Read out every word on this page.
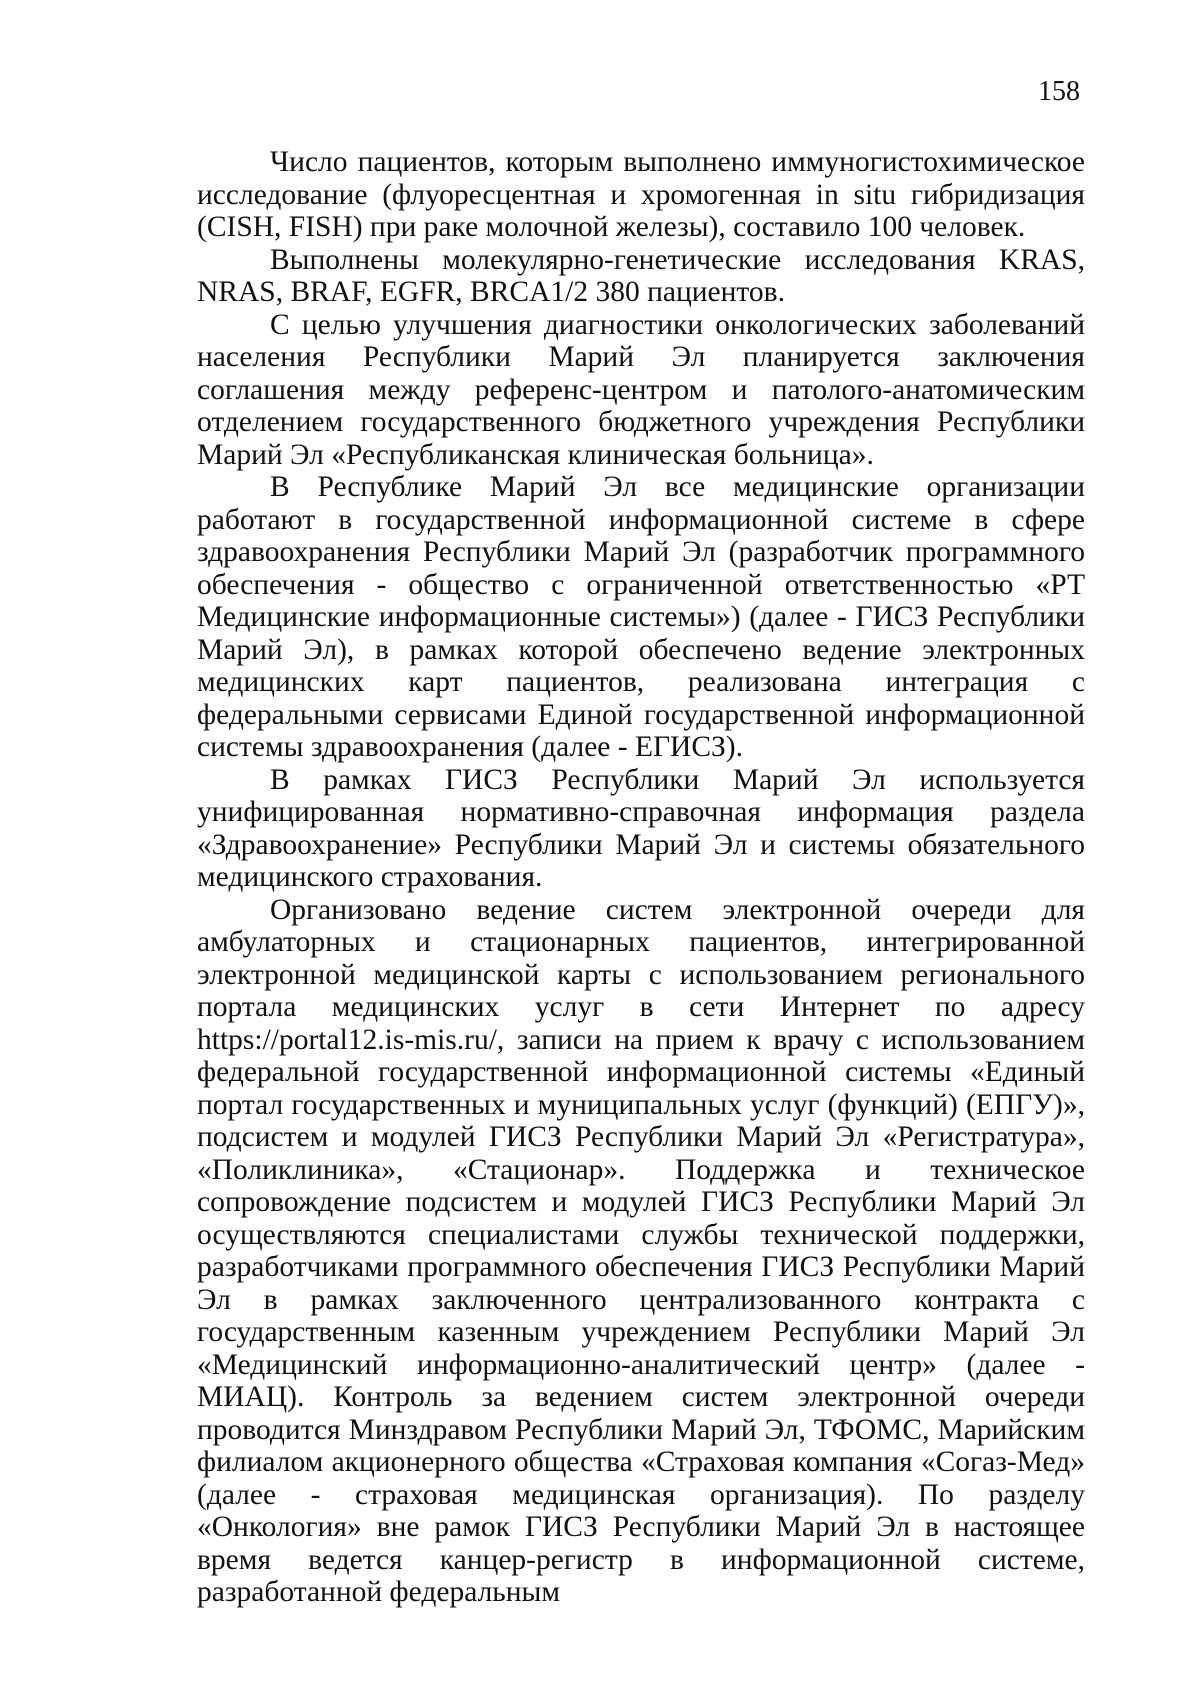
158

Число пациентов, которым выполнено иммуногистохимическое исследование (флуоресцентная и хромогенная in situ гибридизация (CISH, FISH) при раке молочной железы), составило 100 человек.

Выполнены молекулярно-генетические исследования KRAS, NRAS, BRAF, EGFR, BRCA1/2 380 пациентов.

С целью улучшения диагностики онкологических заболеваний населения Республики Марий Эл планируется заключения соглашения между референс-центром и патолого-анатомическим отделением государственного бюджетного учреждения Республики Марий Эл «Республиканская клиническая больница».

В Республике Марий Эл все медицинские организации работают в государственной информационной системе в сфере здравоохранения Республики Марий Эл (разработчик программного обеспечения - общество с ограниченной ответственностью «РТ Медицинские информационные системы») (далее - ГИСЗ Республики Марий Эл), в рамках которой обеспечено ведение электронных медицинских карт пациентов, реализована интеграция с федеральными сервисами Единой государственной информационной системы здравоохранения (далее - ЕГИСЗ).

В рамках ГИСЗ Республики Марий Эл используется унифицированная нормативно-справочная информация раздела «Здравоохранение» Республики Марий Эл и системы обязательного медицинского страхования.

Организовано ведение систем электронной очереди для амбулаторных и стационарных пациентов, интегрированной электронной медицинской карты с использованием регионального портала медицинских услуг в сети Интернет по адресу https://portal12.is-mis.ru/, записи на прием к врачу с использованием федеральной государственной информационной системы «Единый портал государственных и муниципальных услуг (функций) (ЕПГУ)», подсистем и модулей ГИСЗ Республики Марий Эл «Регистратура», «Поликлиника», «Стационар». Поддержка и техническое сопровождение подсистем и модулей ГИСЗ Республики Марий Эл осуществляются специалистами службы технической поддержки, разработчиками программного обеспечения ГИСЗ Республики Марий Эл в рамках заключенного централизованного контракта с государственным казенным учреждением Республики Марий Эл «Медицинский информационно-аналитический центр» (далее - МИАЦ). Контроль за ведением систем электронной очереди проводится Минздравом Республики Марий Эл, ТФОМС, Марийским филиалом акционерного общества «Страховая компания «Согаз-Мед» (далее - страховая медицинская организация). По разделу «Онкология» вне рамок ГИСЗ Республики Марий Эл в настоящее время ведется канцер-регистр в информационной системе, разработанной федеральным
